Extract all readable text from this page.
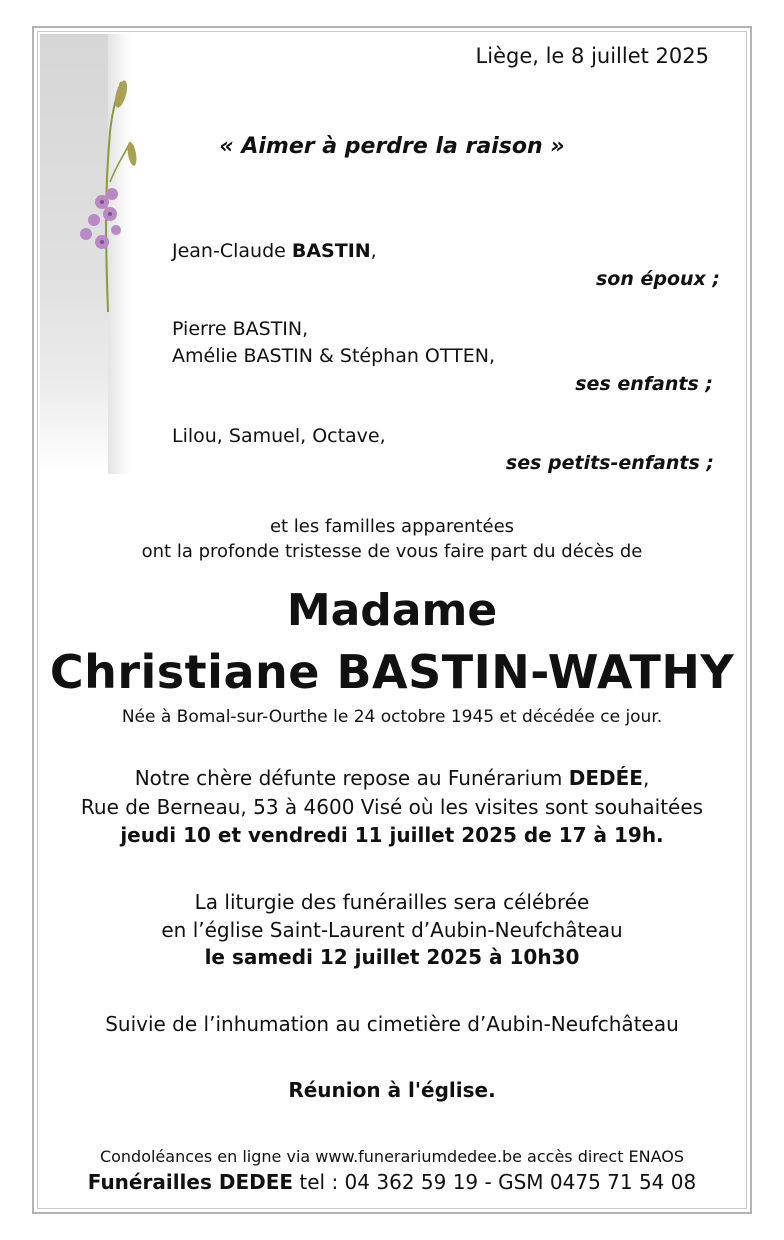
Liège, le 8 juillet 2025
« Aimer à perdre la raison »
Jean-Claude BASTIN,
son époux ;
Pierre BASTIN,
Amélie BASTIN & Stéphan OTTEN,
ses enfants ;
Lilou, Samuel, Octave,
ses petits-enfants ;
et les familles apparentées
ont la profonde tristesse de vous faire part du décès de
Madame
Christiane BASTIN-WATHY
Née à Bomal-sur-Ourthe le 24 octobre 1945 et décédée ce jour.
Notre chère défunte repose au Funérarium DEDÉE,
Rue de Berneau, 53 à 4600 Visé où les visites sont souhaitées
jeudi 10 et vendredi 11 juillet 2025 de 17 à 19h.
La liturgie des funérailles sera célébrée
en l’église Saint-Laurent d’Aubin-Neufchâteau
le samedi 12 juillet 2025 à 10h30
Suivie de l’inhumation au cimetière d’Aubin-Neufchâteau
Réunion à l'église.
Condoléances en ligne via www.funerariumdedee.be accès direct ENAOS
Funérailles DEDEE tel : 04 362 59 19 - GSM 0475 71 54 08
